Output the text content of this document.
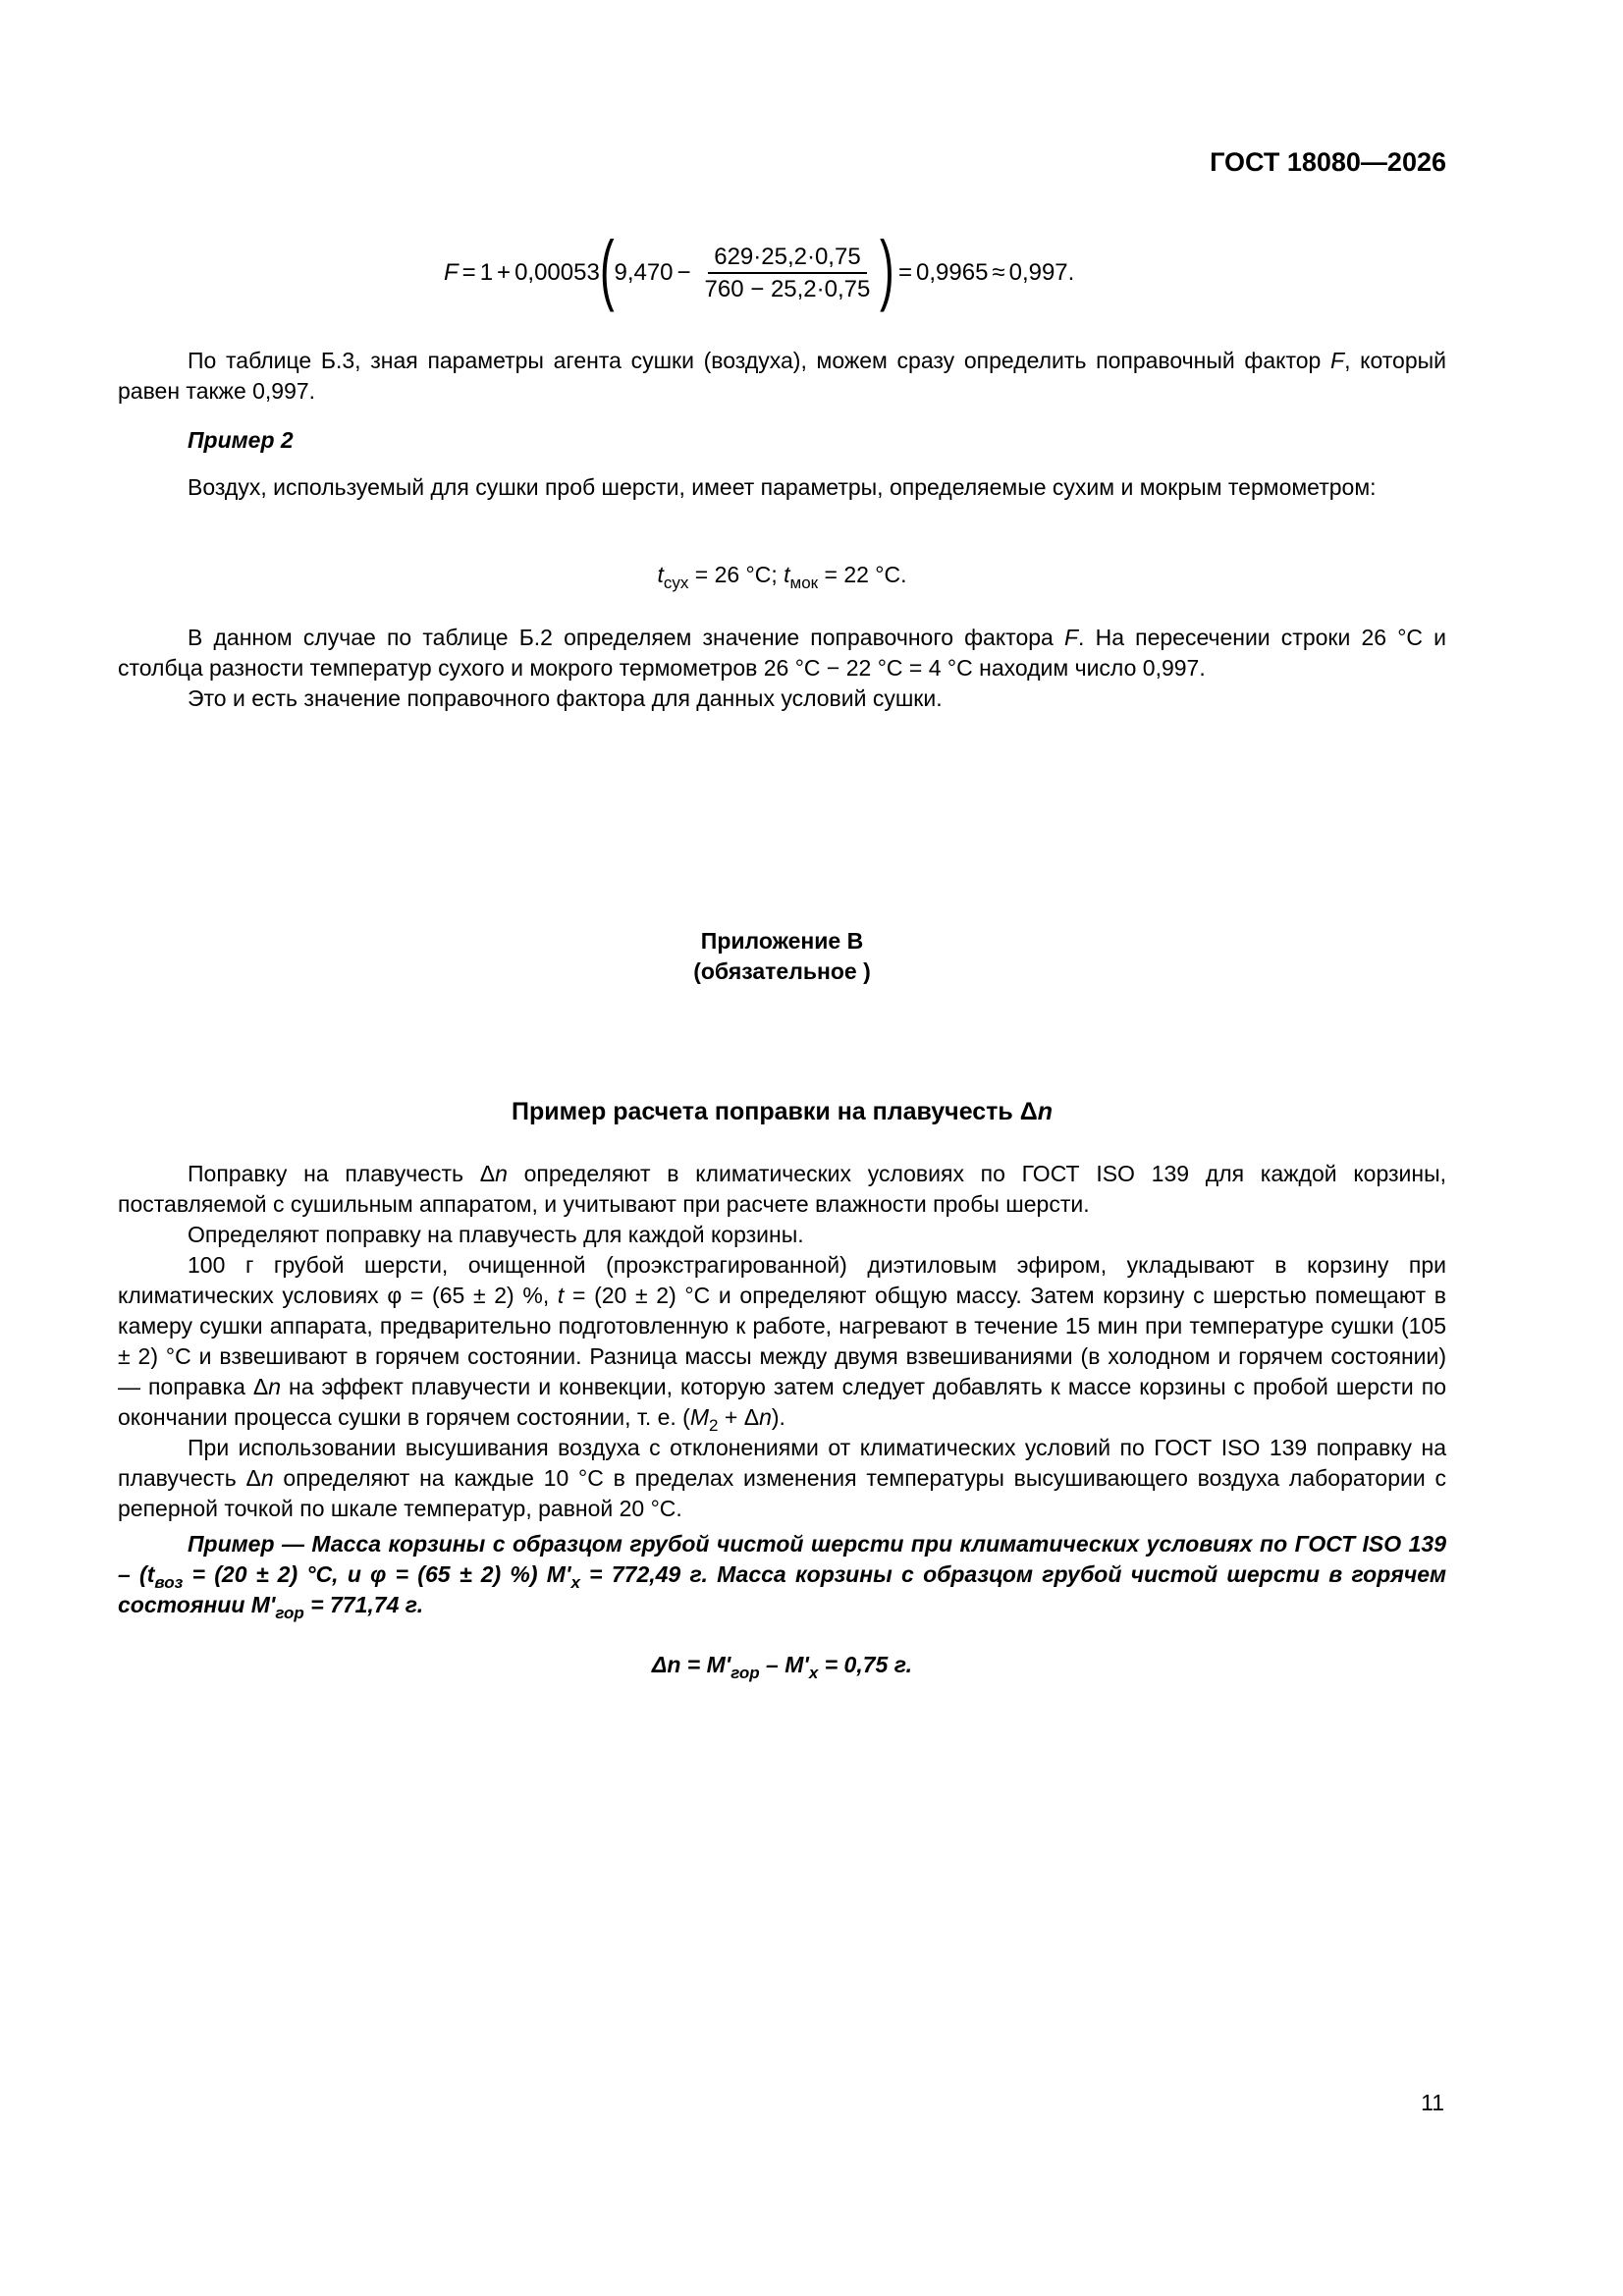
ГОСТ 18080—2026
F = 1 + 0,00053 ( $9,470 - \frac{629\cdot 25,2\cdot 0,75}{760 - 25,2\cdot 0,75}$ ) = 0,9965 ≈ 0,997.

По таблице Б.3, зная параметры агента сушки (воздуха), можем сразу определить поправочный фактор F, который равен также 0,997.

Пример 2

Воздух, используемый для сушки проб шерсти, имеет параметры, определяемые сухим и мокрым термометром:

$t_{сух} = 26$ °C; $t_{мок} = 22$ °C.

В данном случае по таблице Б.2 определяем значение поправочного фактора F. На пересечении строки 26 °C и столбца разности температур сухого и мокрого термометров 26 °C − 22 °C = 4 °C находим число 0,997.

Это и есть значение поправочного фактора для данных условий сушки.

Приложение В

(обязательное )

Пример расчета поправки на плавучесть Δn

Поправку на плавучесть Δn определяют в климатических условиях по ГОСТ ISO 139 для каждой корзины, поставляемой с сушильным аппаратом, и учитывают при расчете влажности пробы шерсти.

Определяют поправку на плавучесть для каждой корзины.

100 г грубой шерсти, очищенной (проэкстрагированной) диэтиловым эфиром, укладывают в корзину при климатических условиях φ = (65 ± 2) %, t = (20 ± 2) °C и определяют общую массу. Затем корзину с шерстью помещают в камеру сушки аппарата, предварительно подготовленную к работе, нагревают в течение 15 мин при температуре сушки (105 ± 2) °C и взвешивают в горячем состоянии. Разница массы между двумя взвешиваниями (в холодном и горячем состоянии) — поправка Δn на эффект плавучести и конвекции, которую затем следует добавлять к массе корзины с пробой шерсти по окончании процесса сушки в горячем состоянии, т. е. $(M_2 + \Delta n)$.

При использовании высушивания воздуха с отклонениями от климатических условий по ГОСТ ISO 139 поправку на плавучесть Δn определяют на каждые 10 °C в пределах изменения температуры высушивающего воздуха лаборатории с реперной точкой по шкале температур, равной 20 °C.

Пример — Масса корзины с образцом грубой чистой шерсти при климатических условиях по ГОСТ ISO $139 - (t_{воз} = (20 \pm 2)$ °C, и φ = (65 ± 2) %) $M'_x = 772,49$ г. Масса корзины с образцом грубой чистой шерсти в горячем состоянии $M'_{гор} = 771,74$ г.

$\Delta n = M'_{гор} - M'_x = 0,75$ г.

11
